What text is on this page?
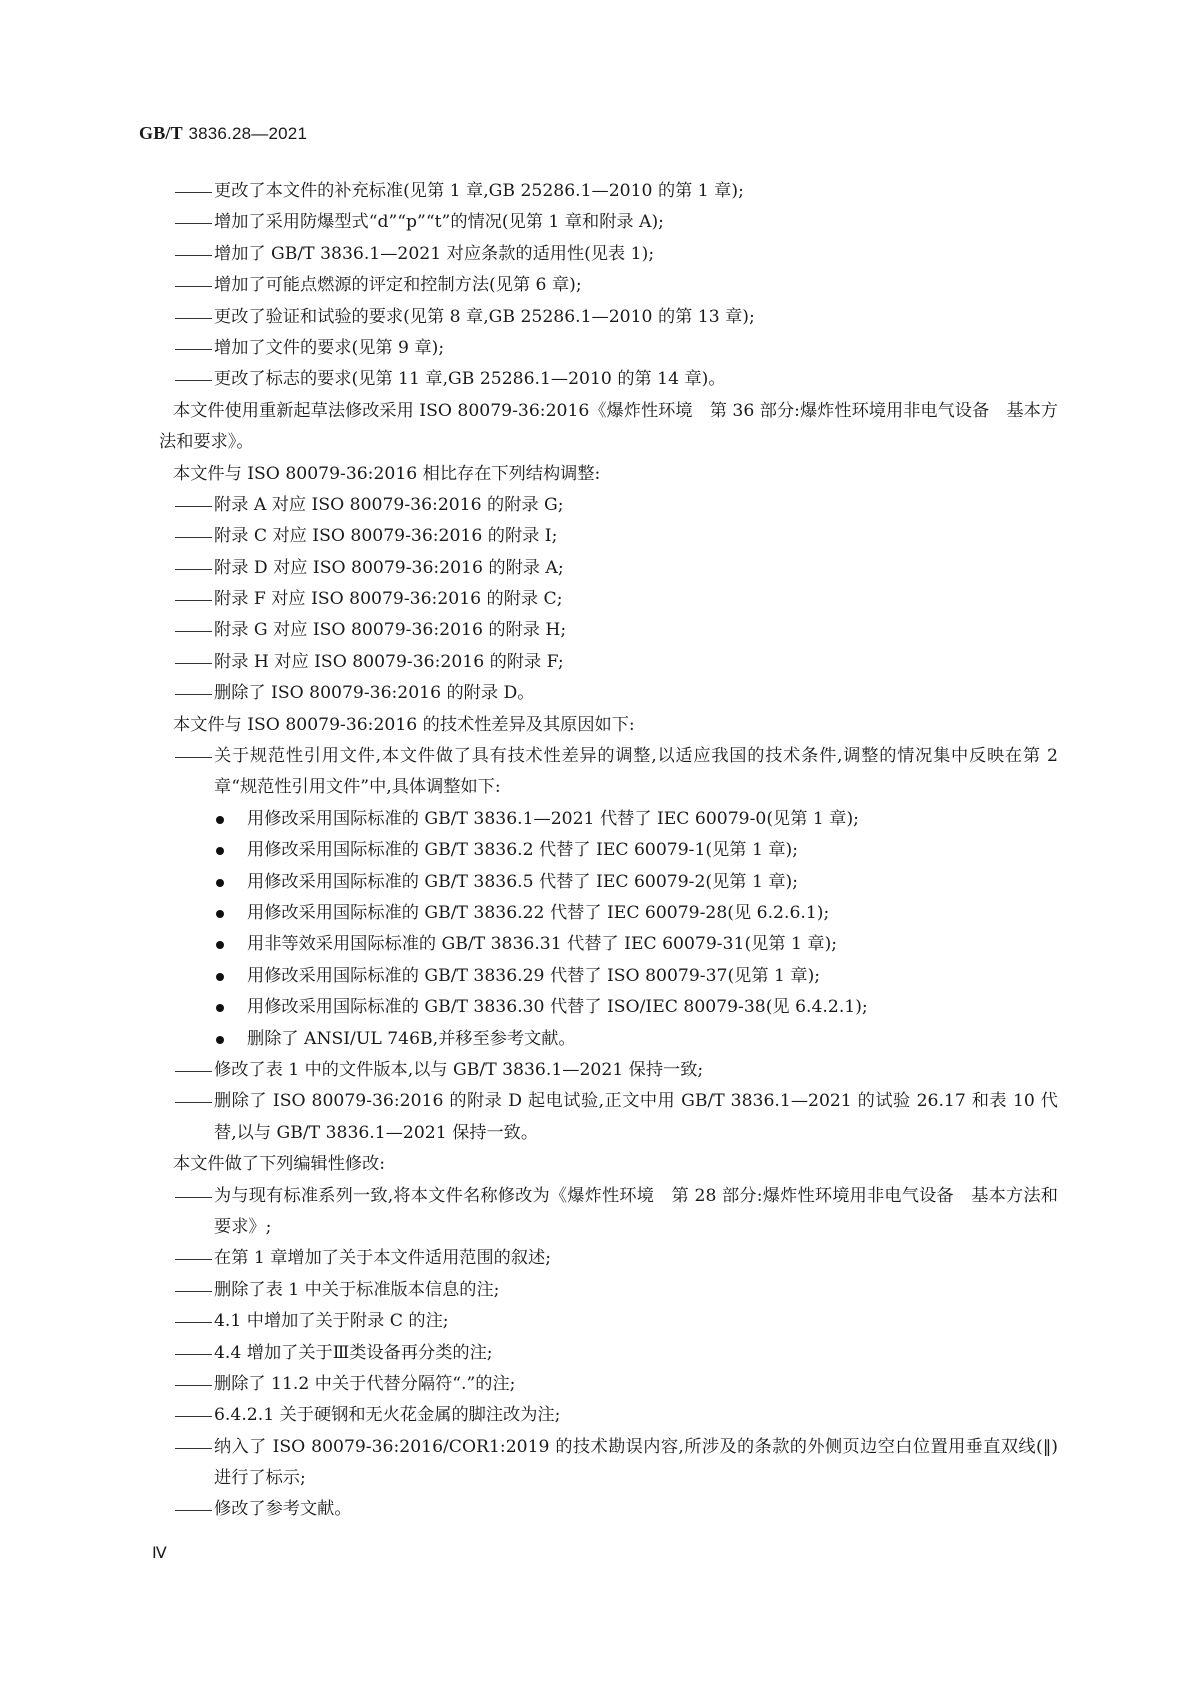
GB/T 3836.28—2021
更改了本文件的补充标准(见第 1 章,GB 25286.1—2010 的第 1 章);
增加了采用防爆型式“d”“p”“t”的情况(见第 1 章和附录 A);
增加了 GB/T 3836.1—2021 对应条款的适用性(见表 1);
增加了可能点燃源的评定和控制方法(见第 6 章);
更改了验证和试验的要求(见第 8 章,GB 25286.1—2010 的第 13 章);
增加了文件的要求(见第 9 章);
更改了标志的要求(见第 11 章,GB 25286.1—2010 的第 14 章)。
本文件使用重新起草法修改采用 ISO 80079-36:2016《爆炸性环境　第 36 部分:爆炸性环境用非电气设备　基本方法和要求》。
本文件与 ISO 80079-36:2016 相比存在下列结构调整:
附录 A 对应 ISO 80079-36:2016 的附录 G;
附录 C 对应 ISO 80079-36:2016 的附录 I;
附录 D 对应 ISO 80079-36:2016 的附录 A;
附录 F 对应 ISO 80079-36:2016 的附录 C;
附录 G 对应 ISO 80079-36:2016 的附录 H;
附录 H 对应 ISO 80079-36:2016 的附录 F;
删除了 ISO 80079-36:2016 的附录 D。
本文件与 ISO 80079-36:2016 的技术性差异及其原因如下:
关于规范性引用文件,本文件做了具有技术性差异的调整,以适应我国的技术条件,调整的情况集中反映在第 2 章“规范性引用文件”中,具体调整如下:
用修改采用国际标准的 GB/T 3836.1—2021 代替了 IEC 60079-0(见第 1 章);
用修改采用国际标准的 GB/T 3836.2 代替了 IEC 60079-1(见第 1 章);
用修改采用国际标准的 GB/T 3836.5 代替了 IEC 60079-2(见第 1 章);
用修改采用国际标准的 GB/T 3836.22 代替了 IEC 60079-28(见 6.2.6.1);
用非等效采用国际标准的 GB/T 3836.31 代替了 IEC 60079-31(见第 1 章);
用修改采用国际标准的 GB/T 3836.29 代替了 ISO 80079-37(见第 1 章);
用修改采用国际标准的 GB/T 3836.30 代替了 ISO/IEC 80079-38(见 6.4.2.1);
删除了 ANSI/UL 746B,并移至参考文献。
修改了表 1 中的文件版本,以与 GB/T 3836.1—2021 保持一致;
删除了 ISO 80079-36:2016 的附录 D 起电试验,正文中用 GB/T 3836.1—2021 的试验 26.17 和表 10 代替,以与 GB/T 3836.1—2021 保持一致。
本文件做了下列编辑性修改:
为与现有标准系列一致,将本文件名称修改为《爆炸性环境　第 28 部分:爆炸性环境用非电气设备　基本方法和要求》;
在第 1 章增加了关于本文件适用范围的叙述;
删除了表 1 中关于标准版本信息的注;
4.1 中增加了关于附录 C 的注;
4.4 增加了关于Ⅲ类设备再分类的注;
删除了 11.2 中关于代替分隔符“.”的注;
6.4.2.1 关于硬钢和无火花金属的脚注改为注;
纳入了 ISO 80079-36:2016/COR1:2019 的技术勘误内容,所涉及的条款的外侧页边空白位置用垂直双线(‖)进行了标示;
修改了参考文献。
Ⅳ
